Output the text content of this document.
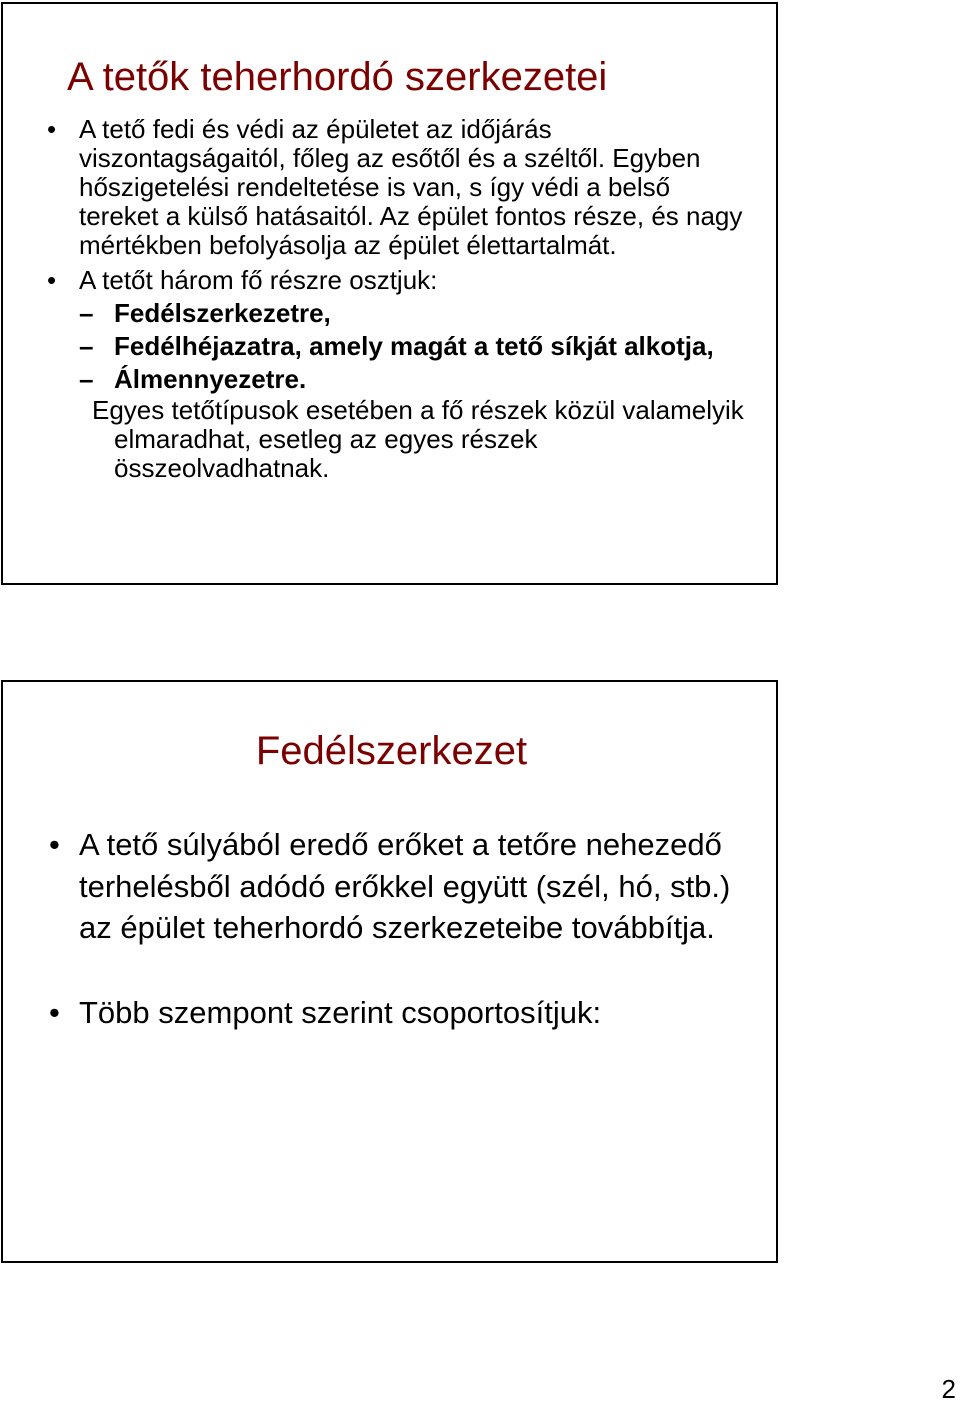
A tetők teherhordó szerkezetei
• A tető fedi és védi az épületet az időjárás viszontagságaitól, főleg az esőtől és a széltől. Egyben hőszigetelési rendeltetése is van, s így védi a belső tereket a külső hatásaitól. Az épület fontos része, és nagy mértékben befolyásolja az épület élettartalmát.
• A tetőt három fő részre osztjuk:
– Fedélszerkezetre,
– Fedélhéjazatra, amely magát a tető síkját alkotja,
– Álmennyezetre.
Egyes tetőtípusok esetében a fő részek közül valamelyik elmaradhat, esetleg az egyes részek összeolvadhatnak.
Fedélszerkezet
• A tető súlyából eredő erőket a tetőre nehezedő terhelésből adódó erőkkel együtt (szél, hó, stb.) az épület teherhordó szerkezeteibe továbbítja.
• Több szempont szerint csoportosítjuk:
2
